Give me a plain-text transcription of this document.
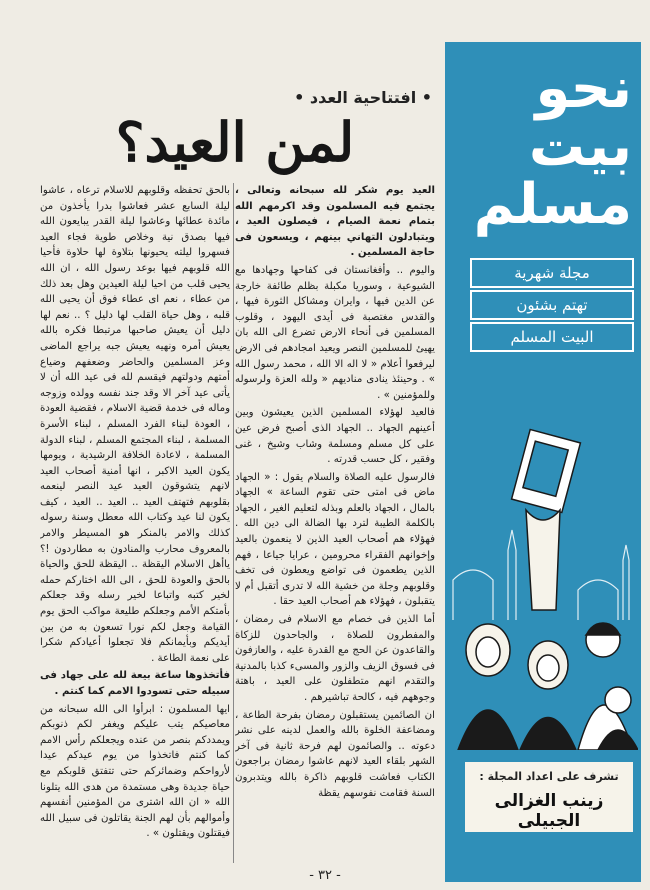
• افتتاحية العدد •
لمن العيد؟

العيد يوم شكر لله سبحانه وتعالى ، يجتمع فيه المسلمون وقد اكرمهم الله بتمام نعمة الصيام ، فيصلون العيد ، ويتبادلون التهاني بينهم ، ويسعون فى حاجة المسلمين .

واليوم .. وأفغانستان فى كفاحها وجهادها مع الشيوعية ، وسوريا مكبلة بظلم طائفة خارجة عن الدين فيها ، وايران ومشاكل الثورة فيها ، والقدس مغتصبة فى أيدى اليهود ، وقلوب المسلمين فى أنحاء الارض تضرع الى الله بان يهيئ للمسلمين النصر ويعيد امجادهم فى الارض ليرفعوا أعلام « لا اله الا الله ، محمد رسول الله » . وحينئذ ينادى مناديهم « ولله العزة ولرسوله وللمؤمنين » .

فالعيد لهؤلاء المسلمين الذين يعيشون وبين أعينهم الجهاد .. الجهاد الذى أصبح فرض عين على كل مسلم ومسلمة وشاب وشيخ ، غنى وفقير ، كل حسب قدرته .

فالرسول عليه الصلاة والسلام يقول : « الجهاد ماض فى امتى حتى تقوم الساعة » الجهاد بالمال ، الجهاد بالعلم وبذله لتعليم الغير ، الجهاد بالكلمة الطيبة لترد بها الضالة الى دين الله . فهؤلاء هم أصحاب العيد الذين لا ينعمون بالعيد وإخوانهم الفقراء محرومين ، عرايا جياعا ، فهم الذين يطعمون فى تواضع ويعطون فى تخف وقلوبهم وجلة من خشية الله لا تدرى أتقبل أم لا يتقبلون ، فهؤلاء هم أصحاب العيد حقا .

أما الذين فى خصام مع الاسلام فى رمضان ، والمفطرون للصلاة ، والجاحدون للزكاة والقاعدون عن الحج مع القدرة عليه ، والعازفون فى فسوق الزيف والزور والمسىء كذبا بالمدنية والتقدم انهم متطفلون على العيد ، باهتة وجوههم فيه ، كالحة تباشيرهم .

ان الصائمين يستقبلون رمضان بفرحة الطاعة ، ومضاعفة الخلوة بالله والعمل لدينه على نشر دعوته .. والصائمون لهم فرحة ثانية فى آخر الشهر بلقاء العيد لانهم عاشوا رمضان براجعون الكتاب فعاشت قلوبهم ذاكرة بالله ويتدبرون السنة فقامت نفوسهم يقظة

بالحق تحفظه وقلوبهم للاسلام ترعاه ، عاشوا ليلة السابع عشر فعاشوا بدرا يأخذون من مائدة عطائها وعاشوا ليلة القدر يبايعون الله فيها بصدق نية وخلاص طوية فجاء العيد فسهروا ليلته يحيونها بتلاوة لها حلاوة فأحيا الله قلوبهم فيها بوعد رسول الله ، ان الله يحيى قلب من احيا ليلة العيدين وهل بعد ذلك من عطاء ، نعم اى عطاء فوق أن يحيى الله قلبه ، وهل حياة القلب لها دليل ؟ .. نعم لها دليل أن يعيش صاحبها مرتبطا فكره بالله يعيش أمره ونهيه يعيش جبه يراجع الماضى وعز المسلمين والحاضر وضعفهم وضياع أمتهم ودولتهم فيقسم لله فى عيد الله أن لا يأتى عيد آخر الا وقد جند نفسه وولده وزوجه وماله فى خدمة قضية الاسلام ، فقضية العودة ، العودة لبناء الفرد المسلم ، لبناء الأسرة المسلمة ، لبناء المجتمع المسلم ، لبناء الدولة المسلمة ، لاعادة الخلافة الرشيدية ، ويومها يكون العيد الاكبر ، انها أمنية أصحاب العيد لانهم يتشوقون العيد عيد النصر لينعمه بقلوبهم فتهتف العيد .. العيد .. العيد ، كيف يكون لنا عيد وكتاب الله معطل وسنة رسوله كذلك والامر بالمنكر هو المسيطر والامر بالمعروف محارب والمنادون به مطاردون !؟ ياأهل الاسلام اليقظة .. اليقظة للحق والحياة بالحق والعودة للحق ، الى الله اختاركم حمله لخير كتبه واتباعا لخير رسله وقد جعلكم بأمتكم الأمم وجعلكم طليعة مواكب الحق يوم القيامة وجعل لكم نورا تسعون به من بين أيديكم وبأيمانكم فلا تجعلوا أعيادكم شكرا على نعمة الطاعة .

فأتخذوها ساعة بيعة لله على جهاد فى سبيله حتى تسودوا الامم كما كنتم .

ايها المسلمون : ابرأوا الى الله سبحانه من معاصيكم يتب عليكم ويغفر لكم ذنوبكم ويمددكم بنصر من عنده ويجعلكم رأس الامم كما كنتم فاتخذوا من يوم عيدكم عيدا لأرواحكم وضمائركم حتى تتفتق قلوبكم مع حياة جديدة وهى مستمدة من هدى الله يتلونا الله « ان الله اشترى من المؤمنين أنفسهم وأموالهم بأن لهم الجنة يقاتلون فى سبيل الله فيقتلون ويقتلون » .

نحو
بيت
مسلم
مجلة شهرية
تهتم بشئون
البيت المسلم
تشرف على اعداد المجلة :
زينب الغزالى الجبيلى
- ٣٢ -
